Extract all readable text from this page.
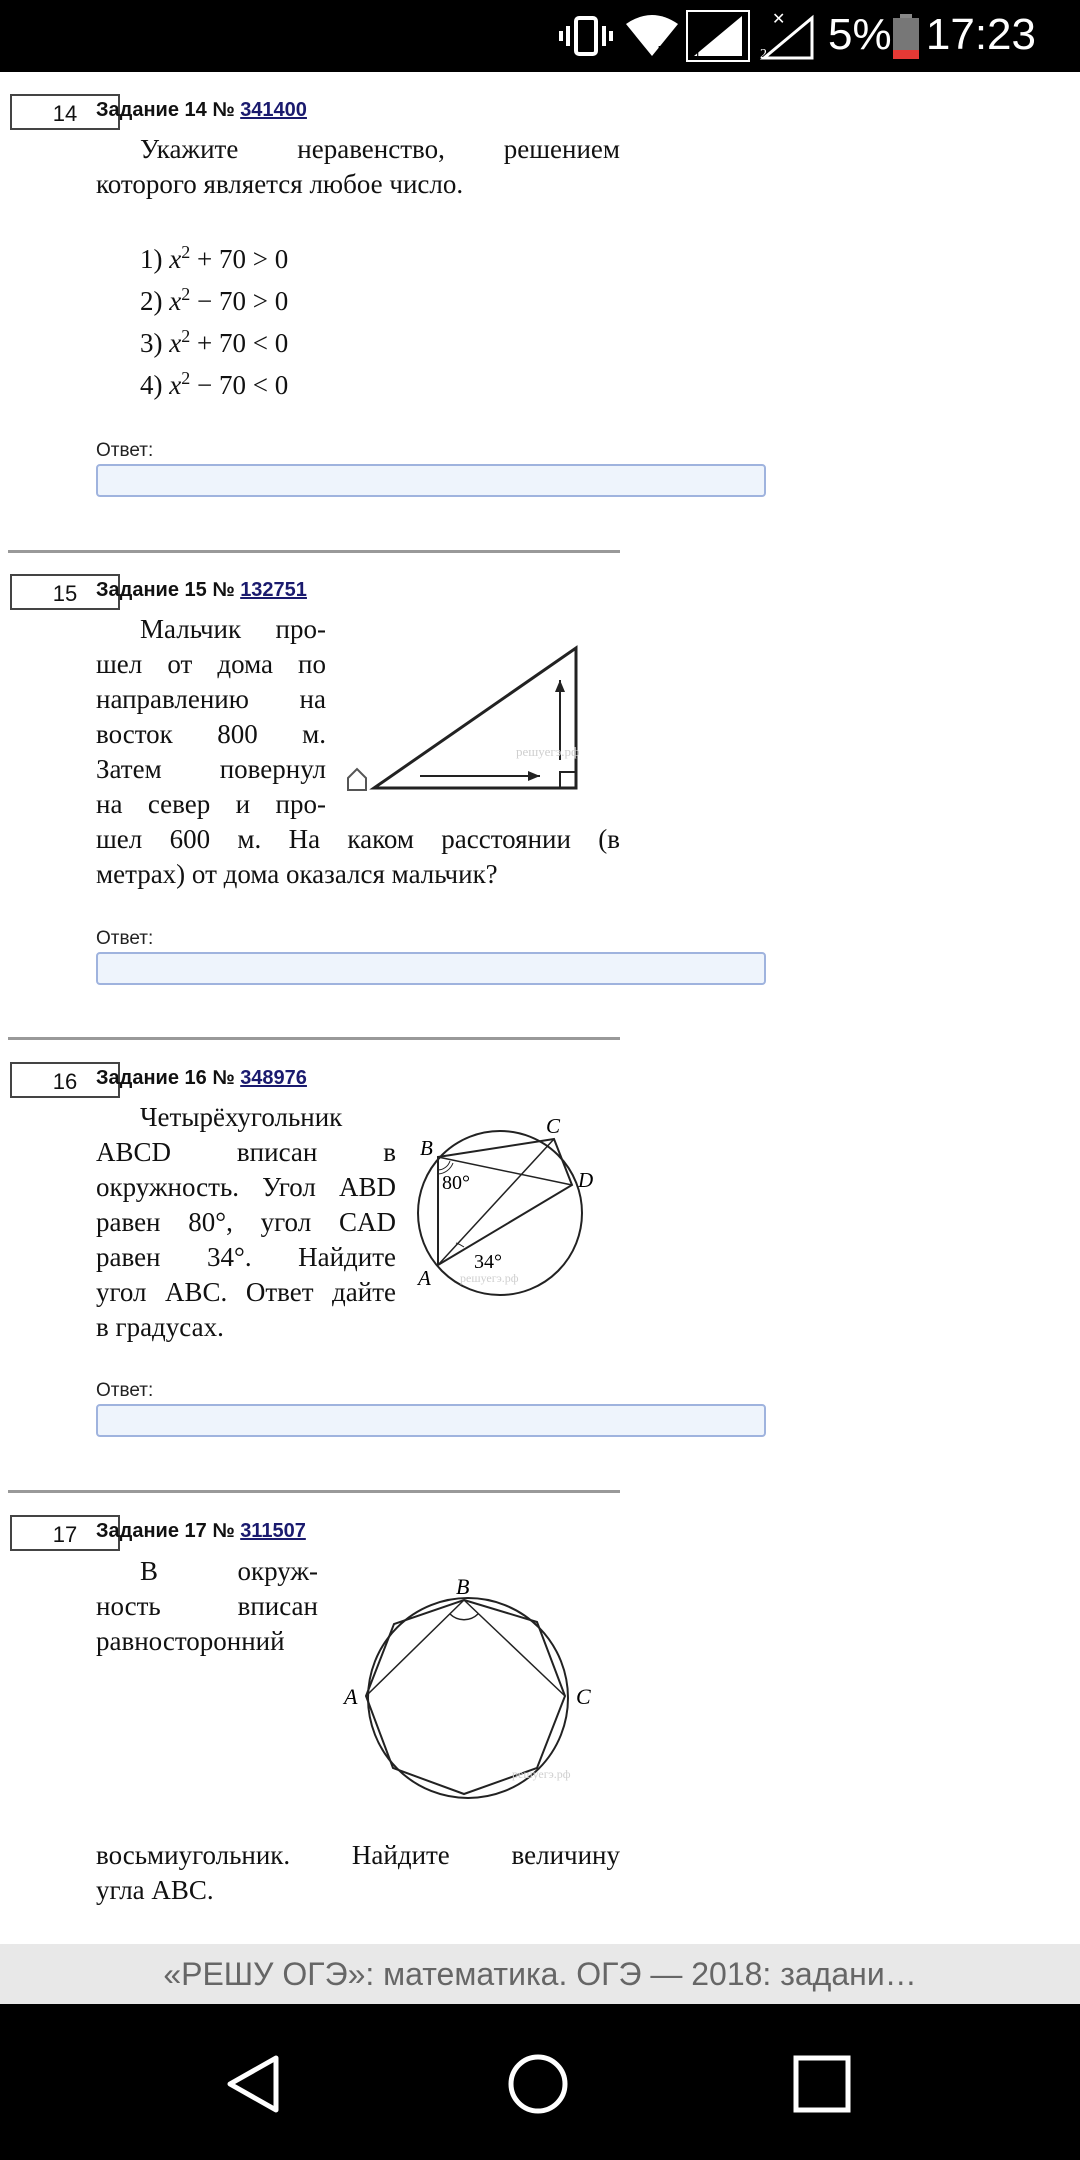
! 1
✕
2 5% 17:23
14 Задание 14 № 341400
Укажите неравенство, решением
которого является любое число.
1) $x^2 + 70 > 0$
2) $x^2 - 70 > 0$
3) $x^2 + 70 < 0$
4) $x^2 - 70 < 0$
Ответ:
15 Задание 15 № 132751
Мальчик про-
шел от дома по
направлению на
восток 800 м.
Затем повернул
на север и про-
шел 600 м. На каком расстоянии (в
метрах) от дома оказался мальчик?
решуегэ.рф
Ответ:
16 Задание 16 № 348976
Четырёхугольник
ABCD вписан в
окружность. Угол ABD
равен 80°, угол CAD
равен 34°. Найдите
угол ABC. Ответ дайте
в градусах.
B
C
D
A
80°
34°
решуегэ.рф
Ответ:
17 Задание 17 № 311507
В окруж-
ность вписан
равносторонний
B
A	C
решуегэ.рф
восьмиугольник. Найдите величину
угла ABC.
«РЕШУ ОГЭ»: математика. ОГЭ — 2018: задани…
